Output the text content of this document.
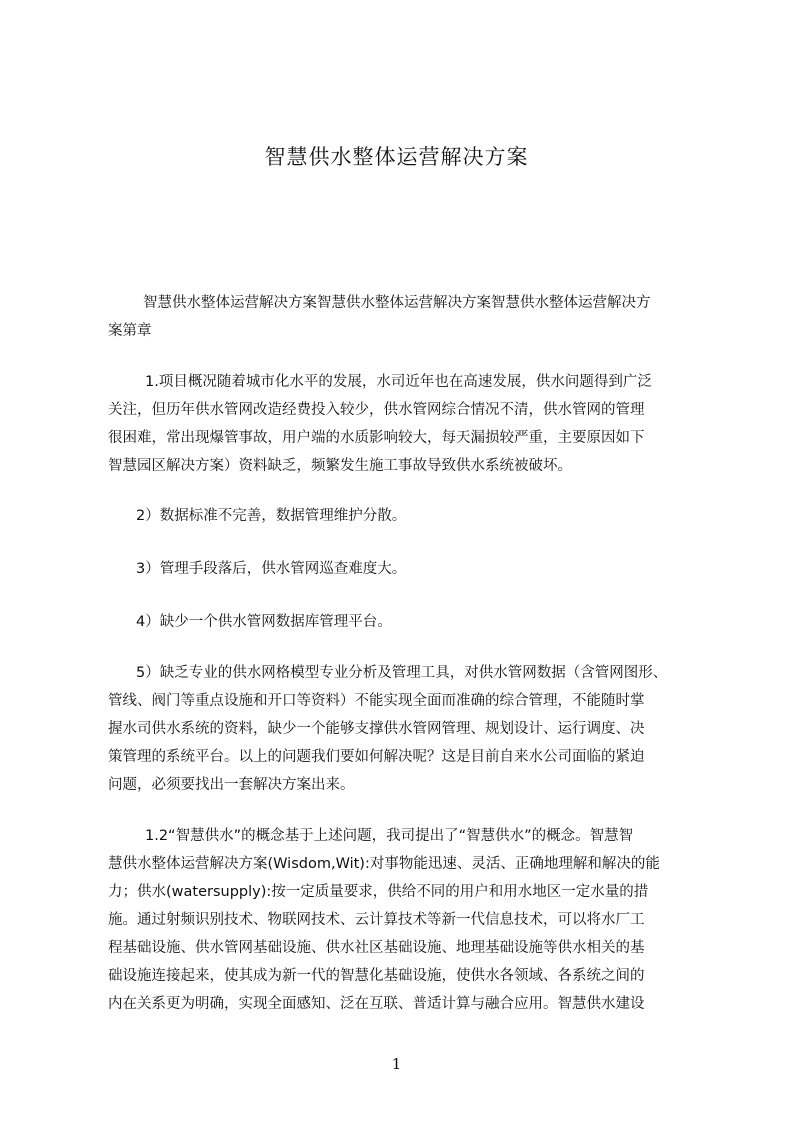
智慧供水整体运营解决方案
智慧供水整体运营解决方案智慧供水整体运营解决方案智慧供水整体运营解决方
案第章
1.项目概况随着城市化水平的发展，水司近年也在高速发展，供水问题得到广泛
关注，但历年供水管网改造经费投入较少，供水管网综合情况不清，供水管网的管理
很困难，常出现爆管事故，用户端的水质影响较大，每天漏损较严重，主要原因如下
智慧园区解决方案）资料缺乏，频繁发生施工事故导致供水系统被破坏。
2）数据标准不完善，数据管理维护分散。
3）管理手段落后，供水管网巡查难度大。
4）缺少一个供水管网数据库管理平台。
5）缺乏专业的供水网格模型专业分析及管理工具，对供水管网数据（含管网图形、
管线、阀门等重点设施和开口等资料）不能实现全面而准确的综合管理，不能随时掌
握水司供水系统的资料，缺少一个能够支撑供水管网管理、规划设计、运行调度、决
策管理的系统平台。以上的问题我们要如何解决呢？这是目前自来水公司面临的紧迫
问题，必须要找出一套解决方案出来。
1.2“智慧供水”的概念基于上述问题，我司提出了“智慧供水”的概念。智慧智
慧供水整体运营解决方案(Wisdom,Wit):对事物能迅速、灵活、正确地理解和解决的能
力；供水(watersupply):按一定质量要求，供给不同的用户和用水地区一定水量的措
施。通过射频识别技术、物联网技术、云计算技术等新一代信息技术，可以将水厂工
程基础设施、供水管网基础设施、供水社区基础设施、地理基础设施等供水相关的基
础设施连接起来，使其成为新一代的智慧化基础设施，使供水各领域、各系统之间的
内在关系更为明确，实现全面感知、泛在互联、普适计算与融合应用。智慧供水建设
1
